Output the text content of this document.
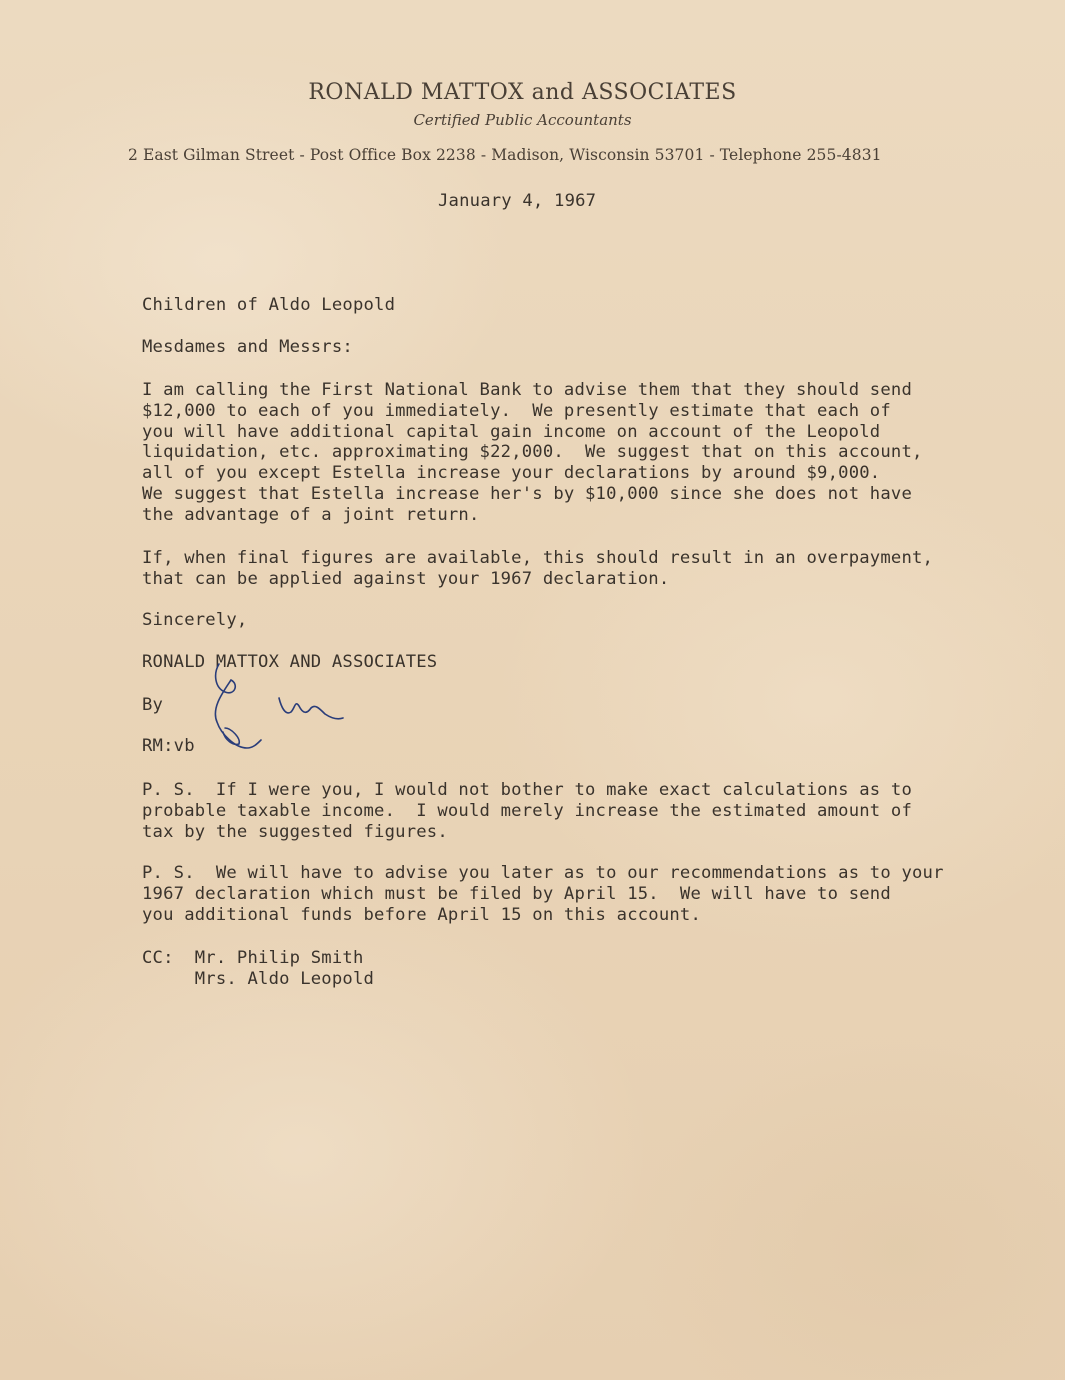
RONALD MATTOX and ASSOCIATES
Certified Public Accountants
2 East Gilman Street - Post Office Box 2238 - Madison, Wisconsin 53701 - Telephone 255-4831
January 4, 1967
Children of Aldo Leopold
Mesdames and Messrs:
I am calling the First National Bank to advise them that they should send
$12,000 to each of you immediately.  We presently estimate that each of
you will have additional capital gain income on account of the Leopold
liquidation, etc. approximating $22,000.  We suggest that on this account,
all of you except Estella increase your declarations by around $9,000.
We suggest that Estella increase her's by $10,000 since she does not have
the advantage of a joint return.
If, when final figures are available, this should result in an overpayment,
that can be applied against your 1967 declaration.
Sincerely,
RONALD MATTOX AND ASSOCIATES
By
RM:vb
P. S.  If I were you, I would not bother to make exact calculations as to
probable taxable income.  I would merely increase the estimated amount of
tax by the suggested figures.
P. S.  We will have to advise you later as to our recommendations as to your
1967 declaration which must be filed by April 15.  We will have to send
you additional funds before April 15 on this account.
CC:  Mr. Philip Smith
Mrs. Aldo Leopold
